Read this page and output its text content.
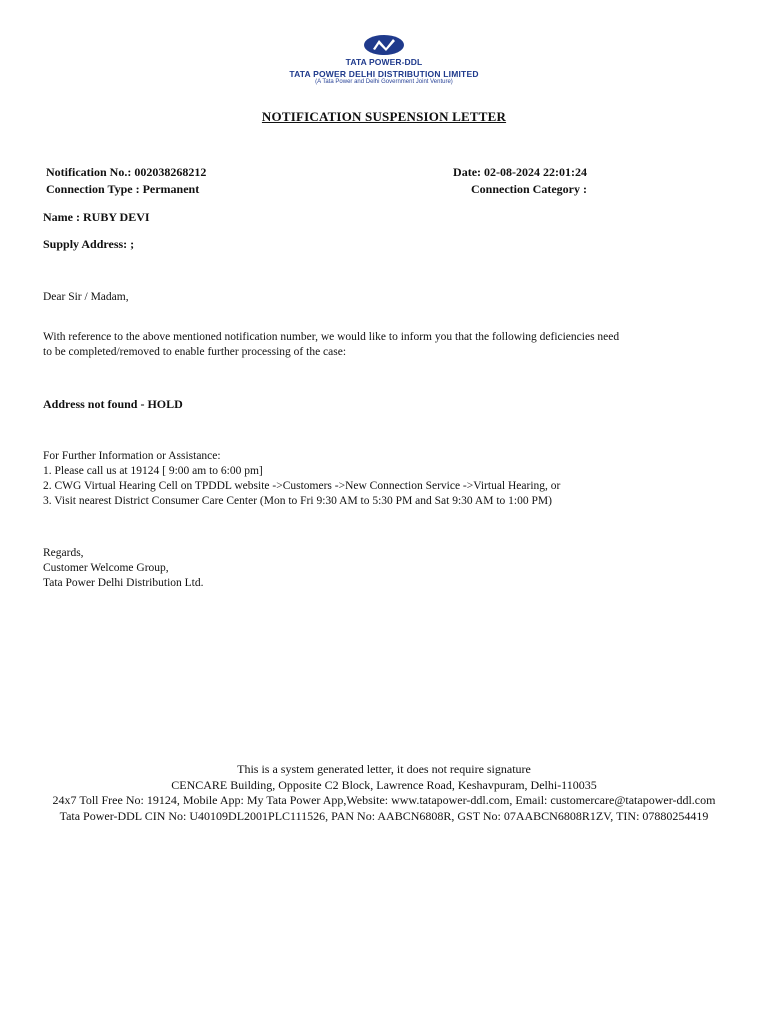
TATA POWER-DDL
TATA POWER DELHI DISTRIBUTION LIMITED
(A Tata Power and Delhi Government Joint Venture)
NOTIFICATION SUSPENSION LETTER
Notification No.: 002038268212	Date: 02-08-2024 22:01:24
Connection Type : Permanent	Connection Category :
Name : RUBY DEVI
Supply Address: ;
Dear Sir / Madam,
With reference to the above mentioned notification number, we would like to inform you that the following deficiencies need
to be completed/removed to enable further processing of the case:
Address not found - HOLD
For Further Information or Assistance:
1. Please call us at 19124 [ 9:00 am to 6:00 pm]
2. CWG Virtual Hearing Cell on TPDDL website ->Customers ->New Connection Service ->Virtual Hearing, or
3. Visit nearest District Consumer Care Center (Mon to Fri 9:30 AM to 5:30 PM and Sat 9:30 AM to 1:00 PM)
Regards,
Customer Welcome Group,
Tata Power Delhi Distribution Ltd.
This is a system generated letter, it does not require signature
CENCARE Building, Opposite C2 Block, Lawrence Road, Keshavpuram, Delhi-110035
24x7 Toll Free No: 19124, Mobile App: My Tata Power App,Website: www.tatapower-ddl.com, Email: customercare@tatapower-ddl.com
Tata Power-DDL CIN No: U40109DL2001PLC111526, PAN No: AABCN6808R, GST No: 07AABCN6808R1ZV, TIN: 07880254419
